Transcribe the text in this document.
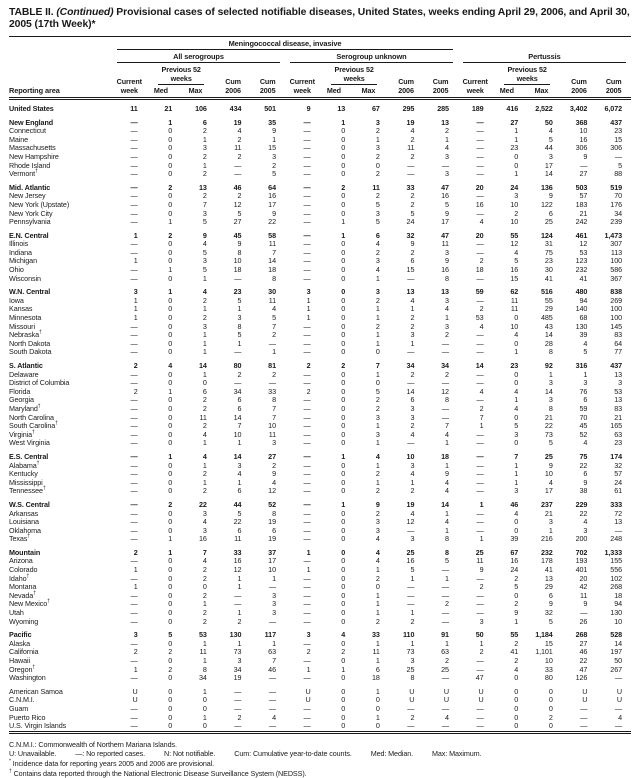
TABLE II. (Continued) Provisional cases of selected notifiable diseases, United States, weeks ending April 29, 2006, and April 30, 2005 (17th Week)*
Reporting area	Meningococcal disease, invasive														

	All serogroups					Serogroup unknown					Pertussis				

	Current week	Previous 52 weeks		Cum 2006	Cum 2005	Current week	Previous 52 weeks		Cum 2006	Cum 2005	Current week	Previous 52 weeks		Cum 2006	Cum 2005
		Med	Max				Med	Max				Med	Max		
United States	11	21	106	434	501	9	13	67	295	285	189	416	2,522	3,402	6,072
New England	—	1	6	19	35	—	1	3	19	13	—	27	50	368	437
Connecticut	—	0	2	4	9	—	0	2	4	2	—	1	4	10	23
Maine	—	0	1	2	1	—	0	1	2	1	—	1	5	16	15
Massachusetts	—	0	3	11	15	—	0	3	11	4	—	23	44	306	306
New Hampshire	—	0	2	2	3	—	0	2	2	3	—	0	3	9	—
Rhode Island	—	0	1	—	2	—	0	0	—	—	—	0	17	—	5
Vermont†	—	0	2	—	5	—	0	2	—	3	—	1	14	27	88
Mid. Atlantic	—	2	13	46	64	—	2	11	33	47	20	24	136	503	519
New Jersey	—	0	2	2	16	—	0	2	2	16	—	3	9	57	70
New York (Upstate)	—	0	7	12	17	—	0	5	2	5	16	10	122	183	176
New York City	—	0	3	5	9	—	0	3	5	9	—	2	6	21	34
Pennsylvania	—	1	5	27	22	—	1	5	24	17	4	10	25	242	239
E.N. Central	1	2	9	45	58	—	1	6	32	47	20	55	124	461	1,473
Illinois	—	0	4	9	11	—	0	4	9	11	—	12	31	12	307
Indiana	—	0	5	8	7	—	0	2	2	3	—	4	75	53	113
Michigan	1	0	3	10	14	—	0	3	6	9	2	5	23	123	100
Ohio	—	1	5	18	18	—	0	4	15	16	18	16	30	232	586
Wisconsin	—	0	1	—	8	—	0	1	—	8	—	15	41	41	367
W.N. Central	3	1	4	23	30	3	0	3	13	13	59	62	516	480	838
Iowa	1	0	2	5	11	1	0	2	4	3	—	11	55	94	269
Kansas	1	0	1	1	4	1	0	1	1	4	2	11	29	140	100
Minnesota	1	0	2	3	5	1	0	1	2	1	53	0	485	68	100
Missouri	—	0	3	8	7	—	0	2	2	3	4	10	43	130	145
Nebraska†	—	0	1	5	2	—	0	1	3	2	—	4	14	39	83
North Dakota	—	0	1	1	—	—	0	1	1	—	—	0	28	4	64
South Dakota	—	0	1	—	1	—	0	0	—	—	—	1	8	5	77
S. Atlantic	2	4	14	80	81	2	2	7	34	34	14	23	92	316	437
Delaware	—	0	1	2	2	—	0	1	2	2	—	0	1	1	13
District of Columbia	—	0	0	—	—	—	0	0	—	—	—	0	3	3	3
Florida	2	1	6	34	33	2	0	5	14	12	4	4	14	76	53
Georgia	—	0	2	6	8	—	0	2	6	8	—	1	3	6	13
Maryland†	—	0	2	6	7	—	0	2	3	—	2	4	8	59	83
North Carolina	—	0	11	14	7	—	0	3	3	—	7	0	21	70	21
South Carolina†	—	0	2	7	10	—	0	1	2	7	1	5	22	45	165
Virginia†	—	0	4	10	11	—	0	3	4	4	—	3	73	52	63
West Virginia	—	0	1	1	3	—	0	1	—	1	—	0	5	4	23
E.S. Central	—	1	4	14	27	—	1	4	10	18	—	7	25	75	174
Alabama†	—	0	1	3	2	—	0	1	3	1	—	1	9	22	32
Kentucky	—	0	2	4	9	—	0	2	4	9	—	1	10	6	57
Mississippi	—	0	1	1	4	—	0	1	1	4	—	1	4	9	24
Tennessee†	—	0	2	6	12	—	0	2	2	4	—	3	17	38	61
W.S. Central	—	2	22	44	52	—	1	9	19	14	1	46	237	229	333
Arkansas	—	0	3	5	8	—	0	2	4	1	—	4	21	22	72
Louisiana	—	0	4	22	19	—	0	3	12	4	—	0	3	4	13
Oklahoma	—	0	3	6	6	—	0	3	—	1	—	0	1	3	—
Texas†	—	1	16	11	19	—	0	4	3	8	1	39	216	200	248
Mountain	2	1	7	33	37	1	0	4	25	8	25	67	232	702	1,333
Arizona	—	0	4	16	17	—	0	4	16	5	11	16	178	193	155
Colorado	1	0	2	12	10	1	0	1	5	—	9	24	41	401	556
Idaho†	—	0	2	1	1	—	0	2	1	1	—	2	13	20	102
Montana	1	0	0	1	—	—	0	0	—	—	2	5	29	42	268
Nevada†	—	0	2	—	3	—	0	1	—	—	—	0	6	11	18
New Mexico†	—	0	1	—	3	—	0	1	—	2	—	2	9	9	94
Utah	—	0	2	1	3	—	0	1	1	—	—	9	32	—	130
Wyoming	—	0	2	2	—	—	0	2	2	—	3	1	5	26	10
Pacific	3	5	53	130	117	3	4	33	110	91	50	55	1,184	268	528
Alaska	—	0	1	1	1	—	0	1	1	1	1	2	15	27	14
California	2	2	11	73	63	2	2	11	73	63	2	41	1,101	46	197
Hawaii	—	0	1	3	7	—	0	1	3	2	—	2	10	22	50
Oregon†	1	2	8	34	46	1	1	6	25	25	—	4	33	47	267
Washington	—	0	34	19	—	—	0	18	8	—	47	0	80	126	—
American Samoa	U	0	1	—	—	U	0	1	U	U	U	0	0	U	U
C.N.M.I.	U	0	0	—	—	U	0	0	U	U	U	0	0	U	U
Guam	—	0	0	—	—	—	0	0	—	—	—	0	0	—	—
Puerto Rico	—	0	1	2	4	—	0	1	2	4	—	0	2	—	4
U.S. Virgin Islands	—	0	0	—	—	—	0	0	—	—	—	0	0	—	—
C.N.M.I.: Commonwealth of Northern Mariana Islands.
U: Unavailable.          —: No reported cases.          N: Not notifiable.          Cum: Cumulative year-to-date counts.          Med: Median.          Max: Maximum.
* Incidence data for reporting years 2005 and 2006 are provisional.
† Contains data reported through the National Electronic Disease Surveillance System (NEDSS).
